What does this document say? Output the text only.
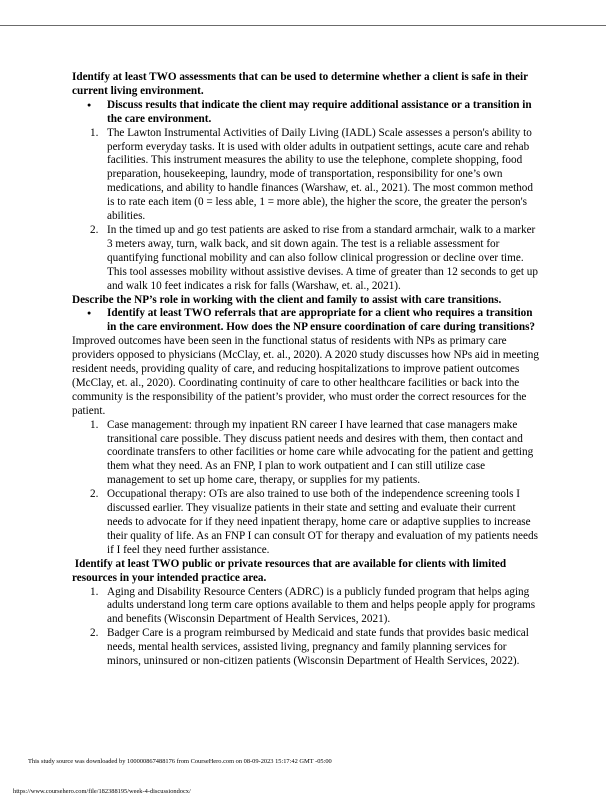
Identify at least TWO assessments that can be used to determine whether a client is safe in their current living environment.

● Discuss results that indicate the client may require additional assistance or a transition in the care environment.
1. The Lawton Instrumental Activities of Daily Living (IADL) Scale assesses a person's ability to perform everyday tasks. It is used with older adults in outpatient settings, acute care and rehab facilities. This instrument measures the ability to use the telephone, complete shopping, food preparation, housekeeping, laundry, mode of transportation, responsibility for one’s own medications, and ability to handle finances (Warshaw, et. al., 2021). The most common method is to rate each item (0 = less able, 1 = more able), the higher the score, the greater the person's abilities.
2. In the timed up and go test patients are asked to rise from a standard armchair, walk to a marker 3 meters away, turn, walk back, and sit down again. The test is a reliable assessment for quantifying functional mobility and can also follow clinical progression or decline over time. This tool assesses mobility without assistive devises. A time of greater than 12 seconds to get up and walk 10 feet indicates a risk for falls (Warshaw, et. al., 2021).

Describe the NP’s role in working with the client and family to assist with care transitions.

● Identify at least TWO referrals that are appropriate for a client who requires a transition in the care environment. How does the NP ensure coordination of care during transitions?

Improved outcomes have been seen in the functional status of residents with NPs as primary care providers opposed to physicians (McClay, et. al., 2020). A 2020 study discusses how NPs aid in meeting resident needs, providing quality of care, and reducing hospitalizations to improve patient outcomes (McClay, et. al., 2020). Coordinating continuity of care to other healthcare facilities or back into the community is the responsibility of the patient’s provider, who must order the correct resources for the patient.

1. Case management: through my inpatient RN career I have learned that case managers make transitional care possible. They discuss patient needs and desires with them, then contact and coordinate transfers to other facilities or home care while advocating for the patient and getting them what they need. As an FNP, I plan to work outpatient and I can still utilize case management to set up home care, therapy, or supplies for my patients.
2. Occupational therapy: OTs are also trained to use both of the independence screening tools I discussed earlier. They visualize patients in their state and setting and evaluate their current needs to advocate for if they need inpatient therapy, home care or adaptive supplies to increase their quality of life. As an FNP I can consult OT for therapy and evaluation of my patients needs if I feel they need further assistance.

Identify at least TWO public or private resources that are available for clients with limited resources in your intended practice area.

1. Aging and Disability Resource Centers (ADRC) is a publicly funded program that helps aging adults understand long term care options available to them and helps people apply for programs and benefits (Wisconsin Department of Health Services, 2021).
2. Badger Care is a program reimbursed by Medicaid and state funds that provides basic medical needs, mental health services, assisted living, pregnancy and family planning services for minors, uninsured or non-citizen patients (Wisconsin Department of Health Services, 2022).
This study source was downloaded by 100000867488176 from CourseHero.com on 08-09-2023 15:17:42 GMT -05:00
https://www.coursehero.com/file/182388195/week-4-discussiondocx/
